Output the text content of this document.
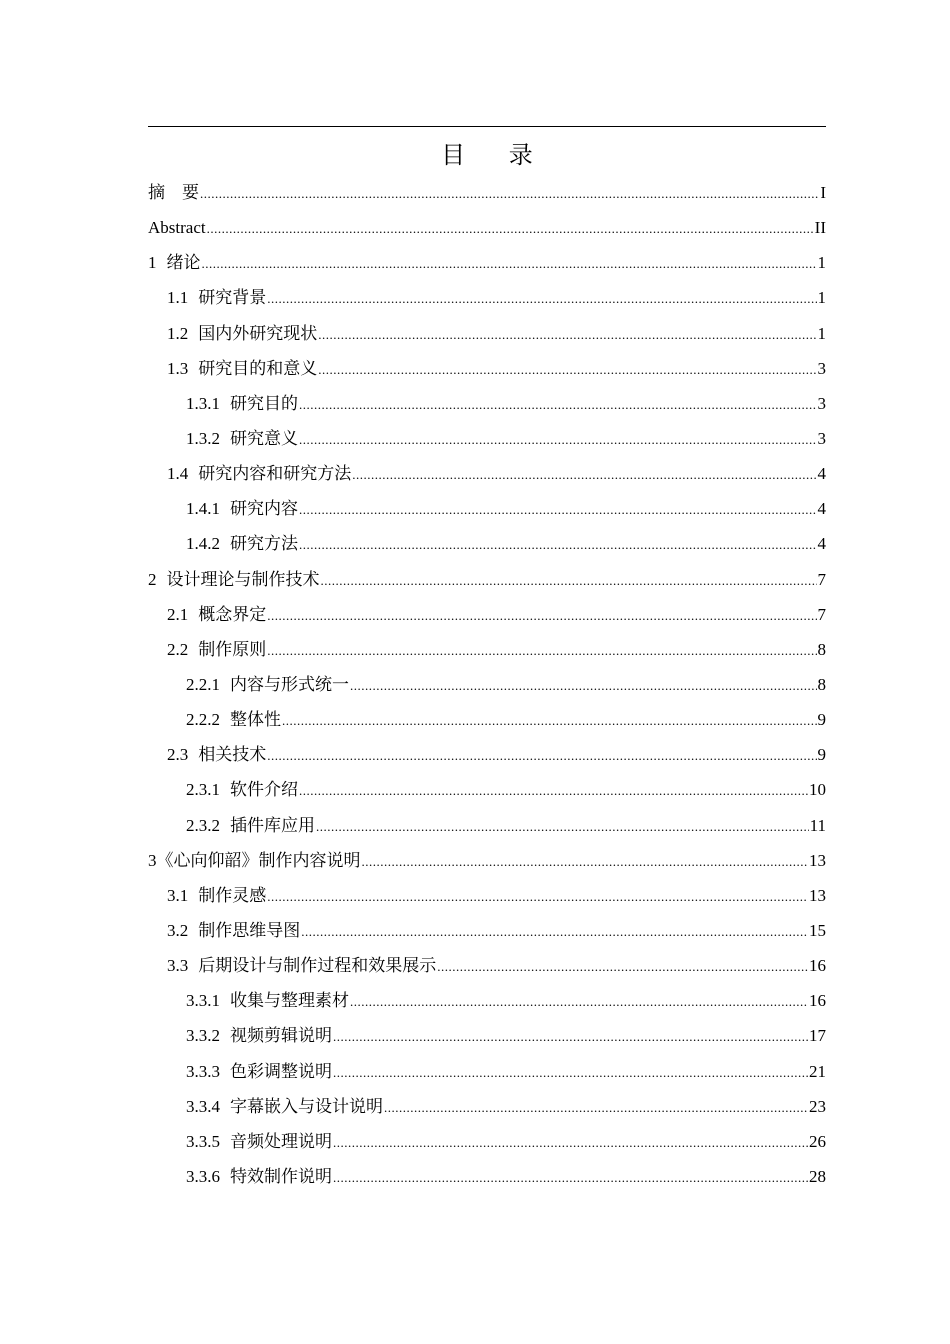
目 录
摘    要 .....	I
Abstract .....	II
1 绪论 .....	1
1.1 研究背景 .....	1
1.2 国内外研究现状 .....	1
1.3 研究目的和意义 .....	3
1.3.1 研究目的 .....	3
1.3.2 研究意义 .....	3
1.4 研究内容和研究方法 .....	4
1.4.1 研究内容 .....	4
1.4.2 研究方法 .....	4
2 设计理论与制作技术 .....	7
2.1 概念界定 .....	7
2.2 制作原则 .....	8
2.2.1 内容与形式统一 .....	8
2.2.2 整体性 .....	9
2.3 相关技术 .....	9
2.3.1 软件介绍 .....	10
2.3.2 插件库应用 .....	11
3《心向仰韶》制作内容说明 .....	13
3.1 制作灵感 .....	13
3.2 制作思维导图 .....	15
3.3 后期设计与制作过程和效果展示 .....	16
3.3.1 收集与整理素材 .....	16
3.3.2 视频剪辑说明 .....	17
3.3.3 色彩调整说明 .....	21
3.3.4 字幕嵌入与设计说明 .....	23
3.3.5 音频处理说明 .....	26
3.3.6 特效制作说明 .....	28
